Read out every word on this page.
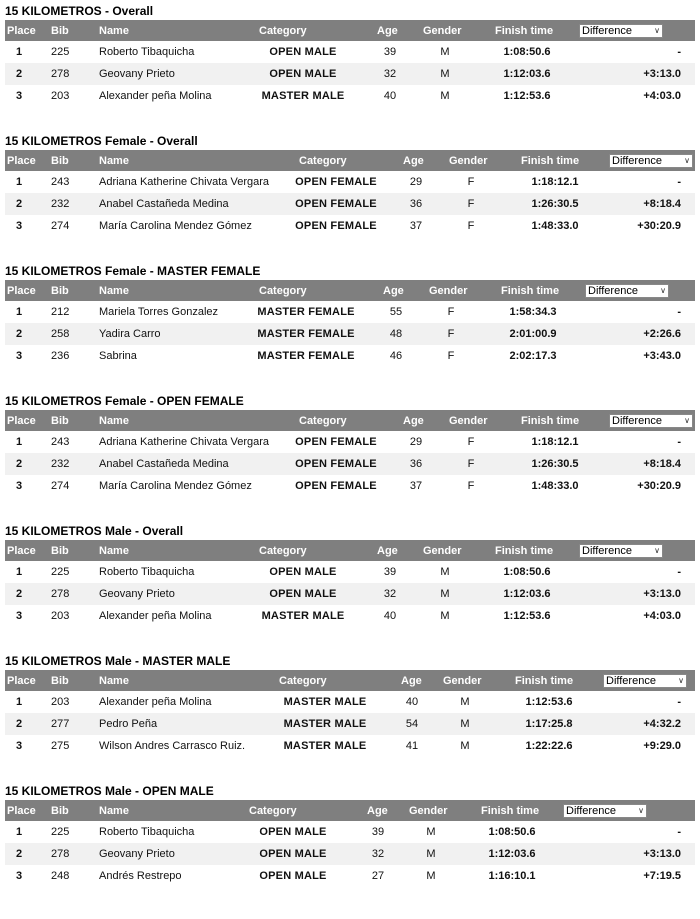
15 KILOMETROS - Overall
Place	Bib	Name	Category	Age	Gender	Finish time	Difference ∨

1	225	Roberto Tibaquicha	OPEN MALE	39	M	1:08:50.6	-
2	278	Geovany Prieto	OPEN MALE	32	M	1:12:03.6	+3:13.0
3	203	Alexander peña Molina	MASTER MALE	40	M	1:12:53.6	+4:03.0
15 KILOMETROS Female - Overall
Place	Bib	Name	Category	Age	Gender	Finish time	Difference ∨

1	243	Adriana Katherine Chivata Vergara	OPEN FEMALE	29	F	1:18:12.1	-
2	232	Anabel Castañeda Medina	OPEN FEMALE	36	F	1:26:30.5	+8:18.4
3	274	María Carolina Mendez Gómez	OPEN FEMALE	37	F	1:48:33.0	+30:20.9
15 KILOMETROS Female - MASTER FEMALE
Place	Bib	Name	Category	Age	Gender	Finish time	Difference ∨

1	212	Mariela Torres Gonzalez	MASTER FEMALE	55	F	1:58:34.3	-
2	258	Yadira Carro	MASTER FEMALE	48	F	2:01:00.9	+2:26.6
3	236	Sabrina	MASTER FEMALE	46	F	2:02:17.3	+3:43.0
15 KILOMETROS Female - OPEN FEMALE
Place	Bib	Name	Category	Age	Gender	Finish time	Difference ∨

1	243	Adriana Katherine Chivata Vergara	OPEN FEMALE	29	F	1:18:12.1	-
2	232	Anabel Castañeda Medina	OPEN FEMALE	36	F	1:26:30.5	+8:18.4
3	274	María Carolina Mendez Gómez	OPEN FEMALE	37	F	1:48:33.0	+30:20.9
15 KILOMETROS Male - Overall
Place	Bib	Name	Category	Age	Gender	Finish time	Difference ∨

1	225	Roberto Tibaquicha	OPEN MALE	39	M	1:08:50.6	-
2	278	Geovany Prieto	OPEN MALE	32	M	1:12:03.6	+3:13.0
3	203	Alexander peña Molina	MASTER MALE	40	M	1:12:53.6	+4:03.0
15 KILOMETROS Male - MASTER MALE
Place	Bib	Name	Category	Age	Gender	Finish time	Difference ∨

1	203	Alexander peña Molina	MASTER MALE	40	M	1:12:53.6	-
2	277	Pedro Peña	MASTER MALE	54	M	1:17:25.8	+4:32.2
3	275	Wilson Andres Carrasco Ruiz.	MASTER MALE	41	M	1:22:22.6	+9:29.0
15 KILOMETROS Male - OPEN MALE
Place	Bib	Name	Category	Age	Gender	Finish time	Difference ∨

1	225	Roberto Tibaquicha	OPEN MALE	39	M	1:08:50.6	-
2	278	Geovany Prieto	OPEN MALE	32	M	1:12:03.6	+3:13.0
3	248	Andrés Restrepo	OPEN MALE	27	M	1:16:10.1	+7:19.5
